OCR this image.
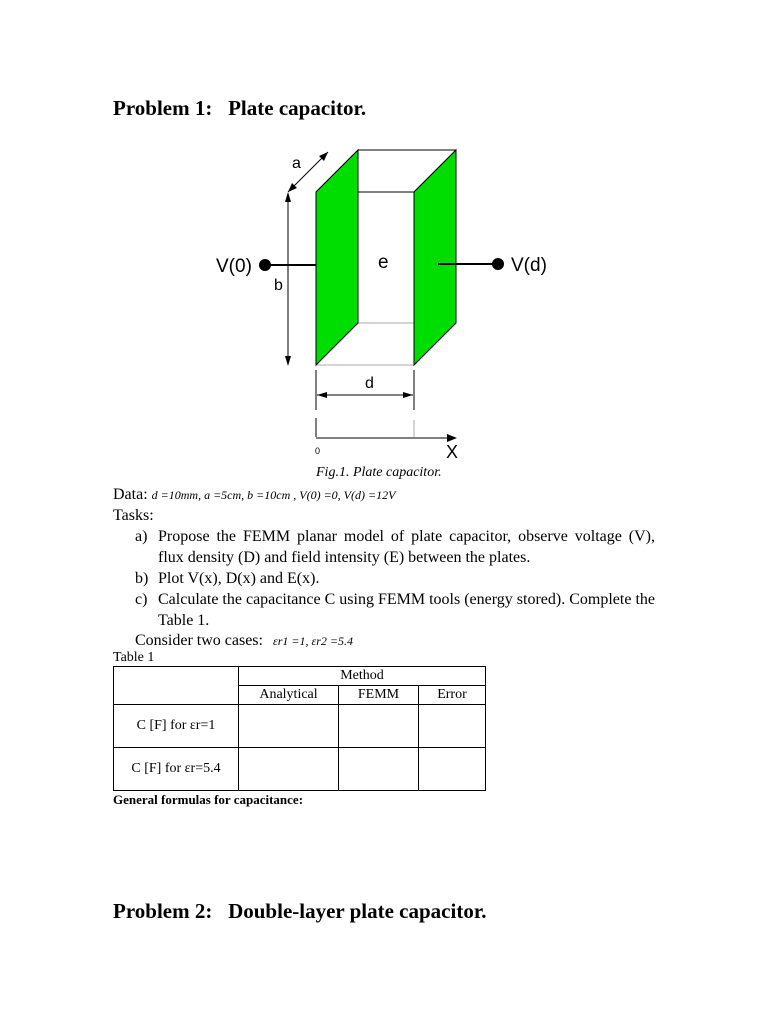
Problem 1:   Plate capacitor.
a
b
V(0)	V(d)
e
d
0	X
Fig.1. Plate capacitor.
Data: d =10mm, a =5cm, b =10cm , V(0) =0, V(d) =12V
Tasks:
a) Propose the FEMM planar model of plate capacitor, observe voltage (V), flux density (D) and field intensity (E) between the plates.
b) Plot V(x), D(x) and E(x).
c) Calculate the capacitance C using FEMM tools (energy stored). Complete the Table 1.
Consider two cases: εr1 =1, εr2 =5.4
Table 1
	Method		
	Analytical	FEMM	Error
C [F] for εr=1			
C [F] for εr=5.4			
General formulas for capacitance:
Problem 2:   Double-layer plate capacitor.
